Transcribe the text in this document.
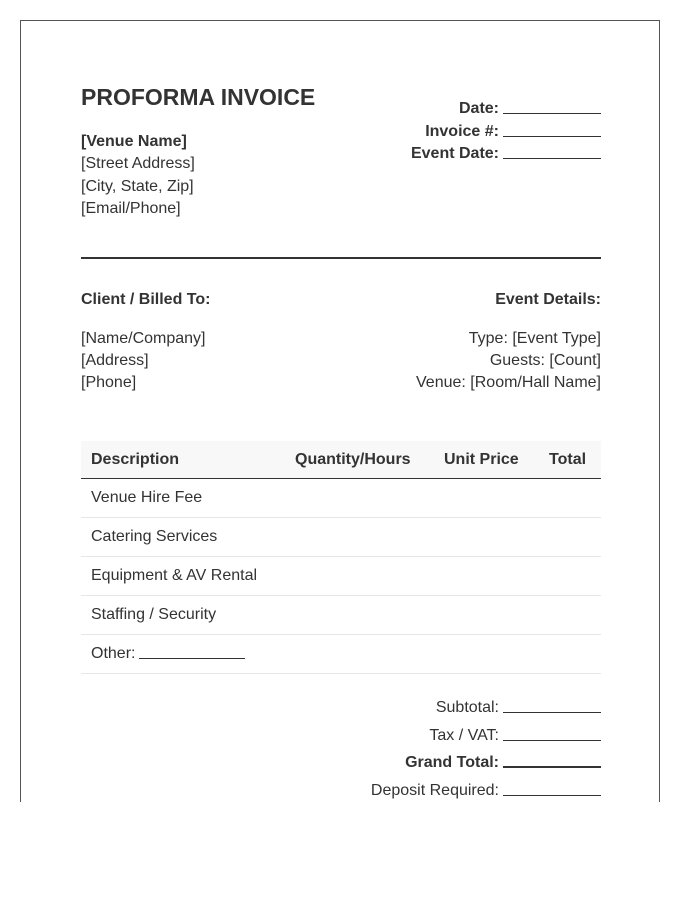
PROFORMA INVOICE	Date:
Invoice #:
Event Date:
[Venue Name]
[Street Address]
[City, State, Zip]
[Email/Phone]
Client / Billed To:
[Name/Company]
[Address]
[Phone]
Event Details:
Type: [Event Type]
Guests: [Count]
Venue: [Room/Hall Name]
Description	Quantity/Hours Unit Price Total
Venue Hire Fee
Catering Services
Equipment & AV Rental
Staffing / Security
Other:
Subtotal:
Tax / VAT:
Grand Total:
Deposit Required:
